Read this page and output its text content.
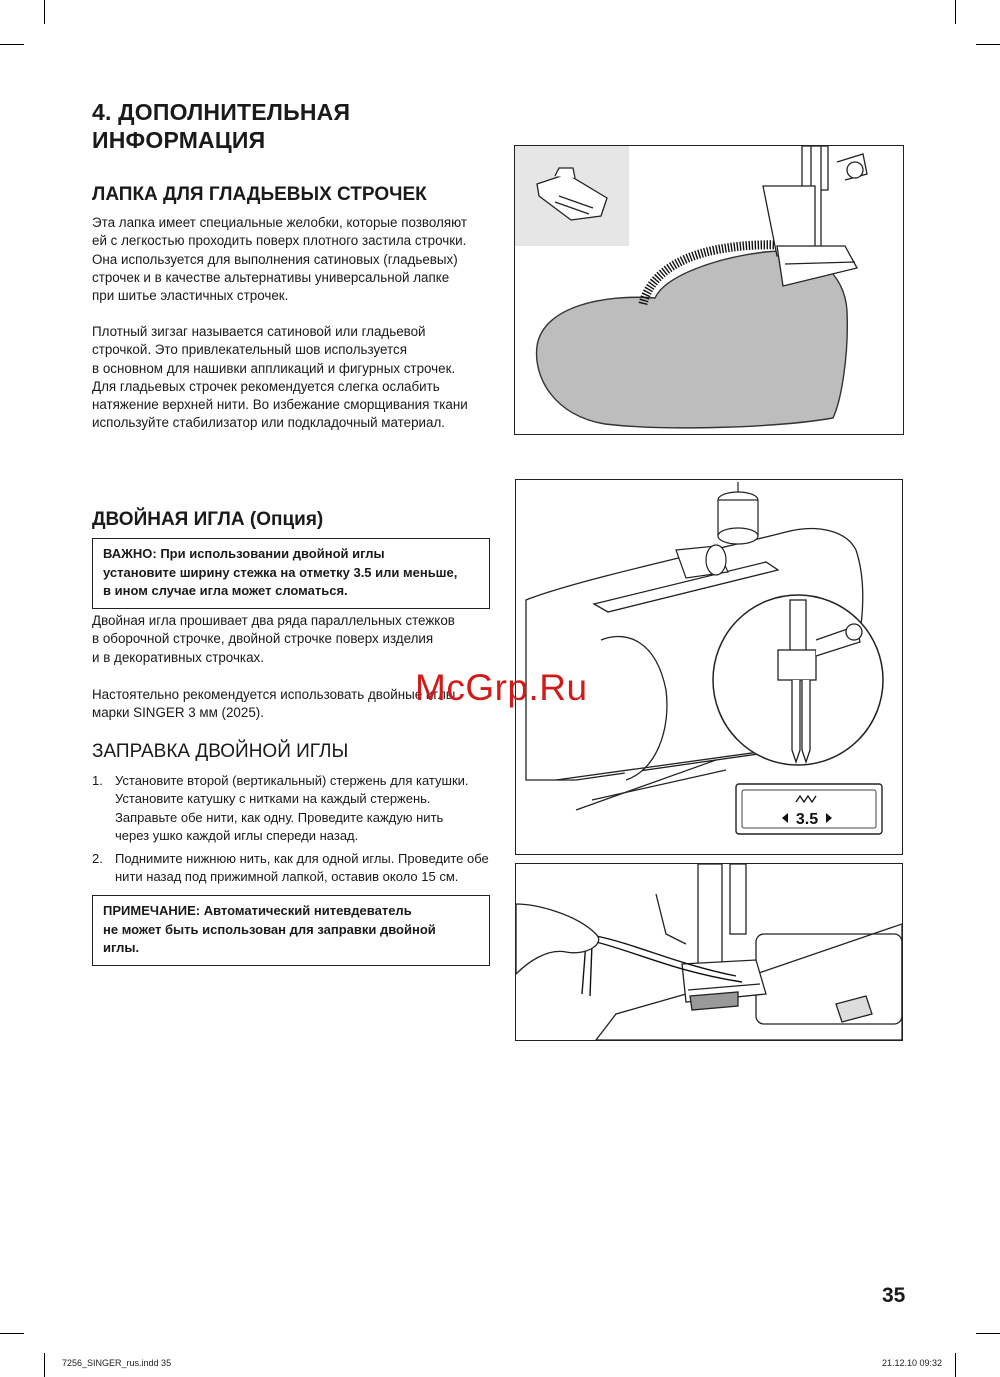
4. ДОПОЛНИТЕЛЬНАЯ
ИНФОРМАЦИЯ
ЛАПКА ДЛЯ ГЛАДЬЕВЫХ СТРОЧЕК
Эта лапка имеет специальные желобки, которые позволяют
ей с легкостью проходить поверх плотного застила строчки.
Она используется для выполнения сатиновых (гладьевых)
строчек и в качестве альтернативы универсальной лапке
при шитье эластичных строчек.
Плотный зигзаг называется сатиновой или гладьевой
строчкой. Это привлекательный шов используется
в основном для нашивки аппликаций и фигурных строчек.
Для гладьевых строчек рекомендуется слегка ослабить
натяжение верхней нити. Во избежание сморщивания ткани
используйте стабилизатор или подкладочный материал.
ДВОЙНАЯ ИГЛА (Опция)
ВАЖНО: При использовании двойной иглы
установите ширину стежка на отметку 3.5 или меньше,
в ином случае игла может сломаться.
Двойная игла прошивает два ряда параллельных стежков
в оборочной строчке, двойной строчке поверх изделия
и в декоративных строчках.
Настоятельно рекомендуется использовать двойные иглы
марки SINGER 3 мм (2025).
3.5
ЗАПРАВКА ДВОЙНОЙ ИГЛЫ
1. Установите второй (вертикальный) стержень для катушки.
Установите катушку с нитками на каждый стержень.
Заправьте обе нити, как одну. Проведите каждую нить
через ушко каждой иглы спереди назад.
2. Поднимите нижнюю нить, как для одной иглы. Проведите обе
нити назад под прижимной лапкой, оставив около 15 см.
ПРИМЕЧАНИЕ: Автоматический нитевдеватель
не может быть использован для заправки двойной
иглы.
McGrp.Ru
35
7256_SINGER_rus.indd 35	21.12.10 09:32
